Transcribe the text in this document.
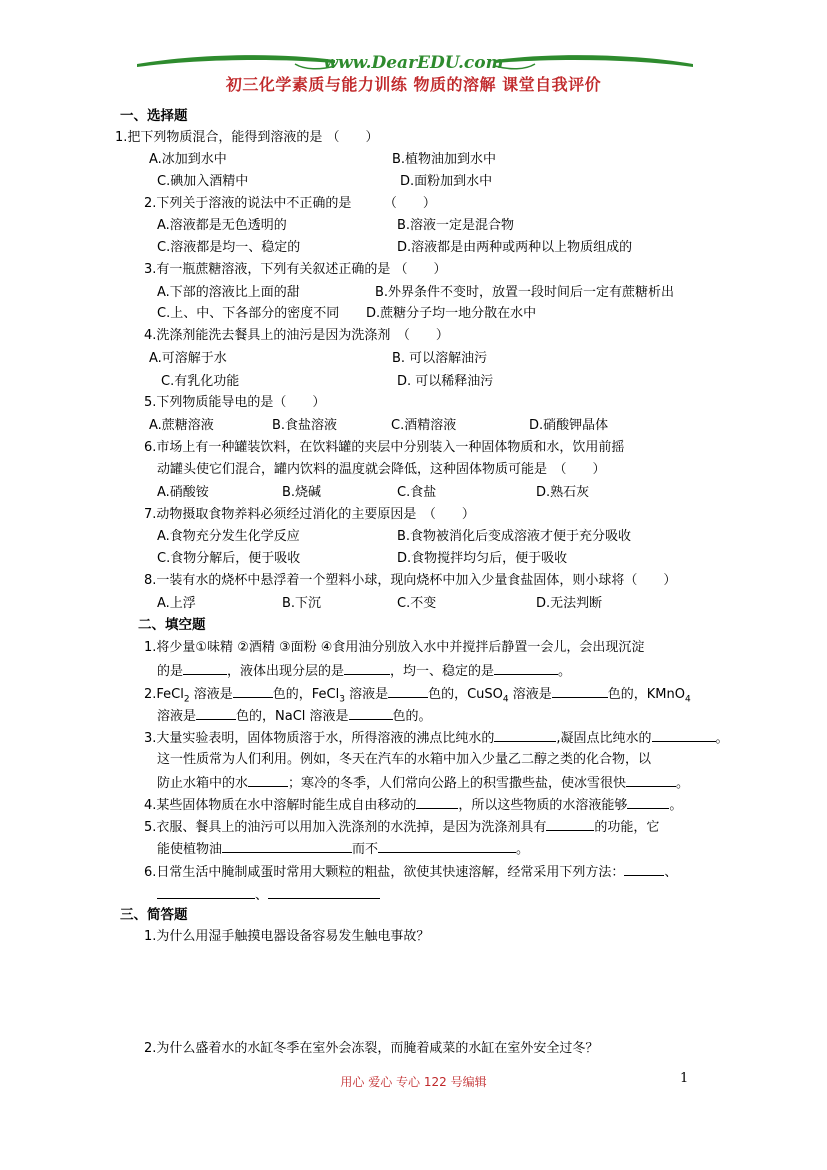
www.DearEDU.com
初三化学素质与能力训练 物质的溶解 课堂自我评价
一、选择题
1.把下列物质混合，能得到溶液的是 （　　）
A.冰加到水中	B.植物油加到水中
C.碘加入酒精中	D.面粉加到水中
2.下列关于溶液的说法中不正确的是　　　（　　）
A.溶液都是无色透明的	B.溶液一定是混合物
C.溶液都是均一、稳定的	D.溶液都是由两种或两种以上物质组成的
3.有一瓶蔗糖溶液，下列有关叙述正确的是 （　　）
A.下部的溶液比上面的甜	B.外界条件不变时，放置一段时间后一定有蔗糖析出
C.上、中、下各部分的密度不同 D.蔗糖分子均一地分散在水中
4.洗涤剂能洗去餐具上的油污是因为洗涤剂　（　　）
A.可溶解于水	B. 可以溶解油污
C.有乳化功能	D. 可以稀释油污
5.下列物质能导电的是（　　）
A.蔗糖溶液	B.食盐溶液	C.酒精溶液	D.硝酸钾晶体
6.市场上有一种罐装饮料，在饮料罐的夹层中分别装入一种固体物质和水，饮用前摇
动罐头使它们混合，罐内饮料的温度就会降低，这种固体物质可能是　（　　）
A.硝酸铵	B.烧碱	C.食盐	D.熟石灰
7.动物摄取食物养料必须经过消化的主要原因是　（　　）
A.食物充分发生化学反应	B.食物被消化后变成溶液才便于充分吸收
C.食物分解后，便于吸收	D.食物搅拌均匀后，便于吸收
8.一装有水的烧杯中悬浮着一个塑料小球，现向烧杯中加入少量食盐固体，则小球将（　　）
A.上浮	B.下沉	C.不变	D.无法判断
二、填空题
1.将少量①味精 ②酒精 ③面粉 ④食用油分别放入水中并搅拌后静置一会儿，会出现沉淀
的是	，液体出现分层的是	，均一、稳定的是	。
2.FeCl$_2$ 溶液是	色的，FeCl$_3$ 溶液是	色的，CuSO$_4$ 溶液是	色的，KMnO$_4$
溶液是	色的，NaCl 溶液是	色的。
3.大量实验表明，固体物质溶于水，所得溶液的沸点比纯水的	,凝固点比纯水的	。
这一性质常为人们利用。例如，冬天在汽车的水箱中加入少量乙二醇之类的化合物，以
防止水箱中的水	；寒冷的冬季，人们常向公路上的积雪撒些盐，使冰雪很快	。
4.某些固体物质在水中溶解时能生成自由移动的	，所以这些物质的水溶液能够	。
5.衣服、餐具上的油污可以用加入洗涤剂的水洗掉，是因为洗涤剂具有	的功能，它
能使植物油	而不	。
6.日常生活中腌制咸蛋时常用大颗粒的粗盐，欲使其快速溶解，经常采用下列方法：	、
、
三、简答题
1.为什么用湿手触摸电器设备容易发生触电事故？
2.为什么盛着水的水缸冬季在室外会冻裂，而腌着咸菜的水缸在室外安全过冬？
用心 爱心 专心 122 号编辑	1
